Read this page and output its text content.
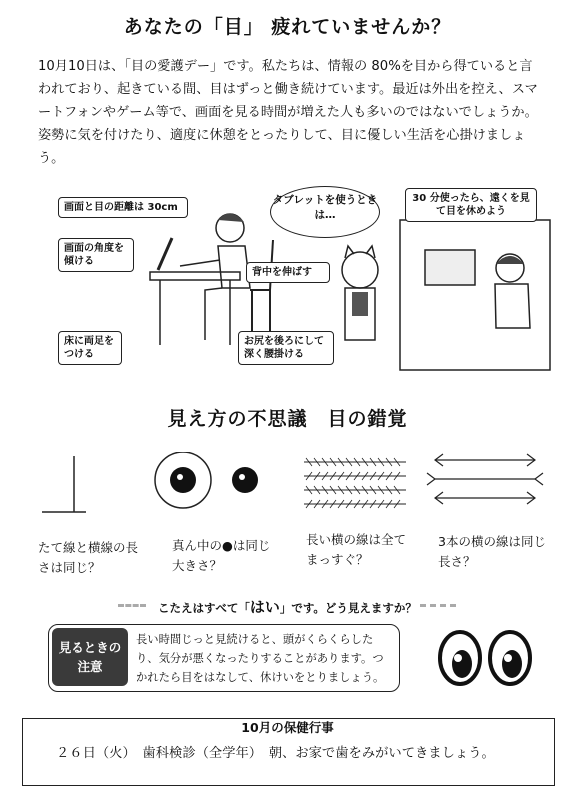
あなたの「目」 疲れていませんか？
10月10日は、「目の愛護デー」です。私たちは、情報の 80%を目から得ていると言われており、起きている間、目はずっと働き続けています。最近は外出を控え、スマートフォンやゲーム等で、画面を見る時間が増えた人も多いのではないでしょうか。姿勢に気を付けたり、適度に休憩をとったりして、目に優しい生活を心掛けましょう。
画面と目の距離は 30cm
画面の角度を傾ける
床に両足をつける
背中を伸ばす
お尻を後ろにして深く腰掛ける
タブレットを使うときは…
30 分使ったら、遠くを見て目を休めよう
見え方の不思議　目の錯覚
たて線と横線の長さは同じ？
真ん中の●は同じ大きさ？
長い横の線は全てまっすぐ？
3本の横の線は同じ長さ？
こたえはすべて「はい」です。どう見えますか？
見るときの
注意
長い時間じっと見続けると、頭がくらくらしたり、気分が悪くなったりすることがあります。つかれたら目をはなして、休けいをとりましょう。
10月の保健行事
２６日（火）　歯科検診（全学年）　朝、お家で歯をみがいてきましょう。
